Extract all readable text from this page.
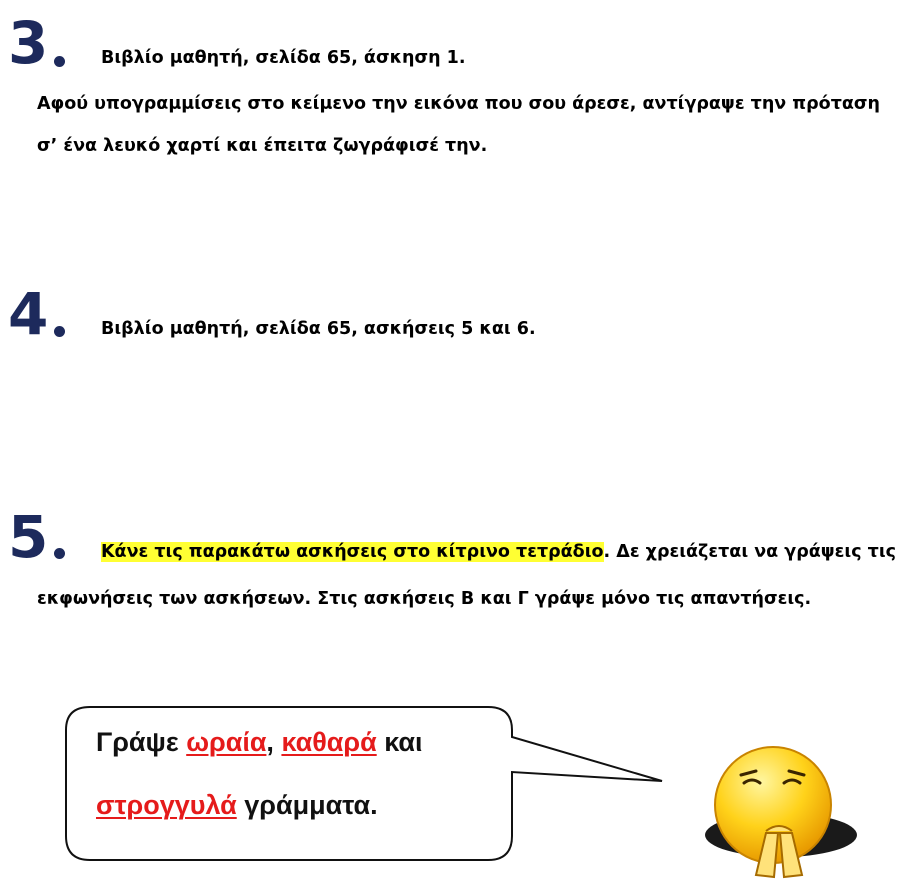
3	Βιβλίο μαθητή, σελίδα 65, άσκηση 1.
Αφού υπογραμμίσεις στο κείμενο την εικόνα που σου άρεσε, αντίγραψε την πρόταση
σ’ ένα λευκό χαρτί και έπειτα ζωγράφισέ την.
4	Βιβλίο μαθητή, σελίδα 65, ασκήσεις 5 και 6.
5	Κάνε τις παρακάτω ασκήσεις στο κίτρινο τετράδιο. Δε χρειάζεται να γράψεις τις
εκφωνήσεις των ασκήσεων. Στις ασκήσεις Β και Γ γράψε μόνο τις απαντήσεις.
Γράψε ωραία, καθαρά και
στρογγυλά γράμματα.
